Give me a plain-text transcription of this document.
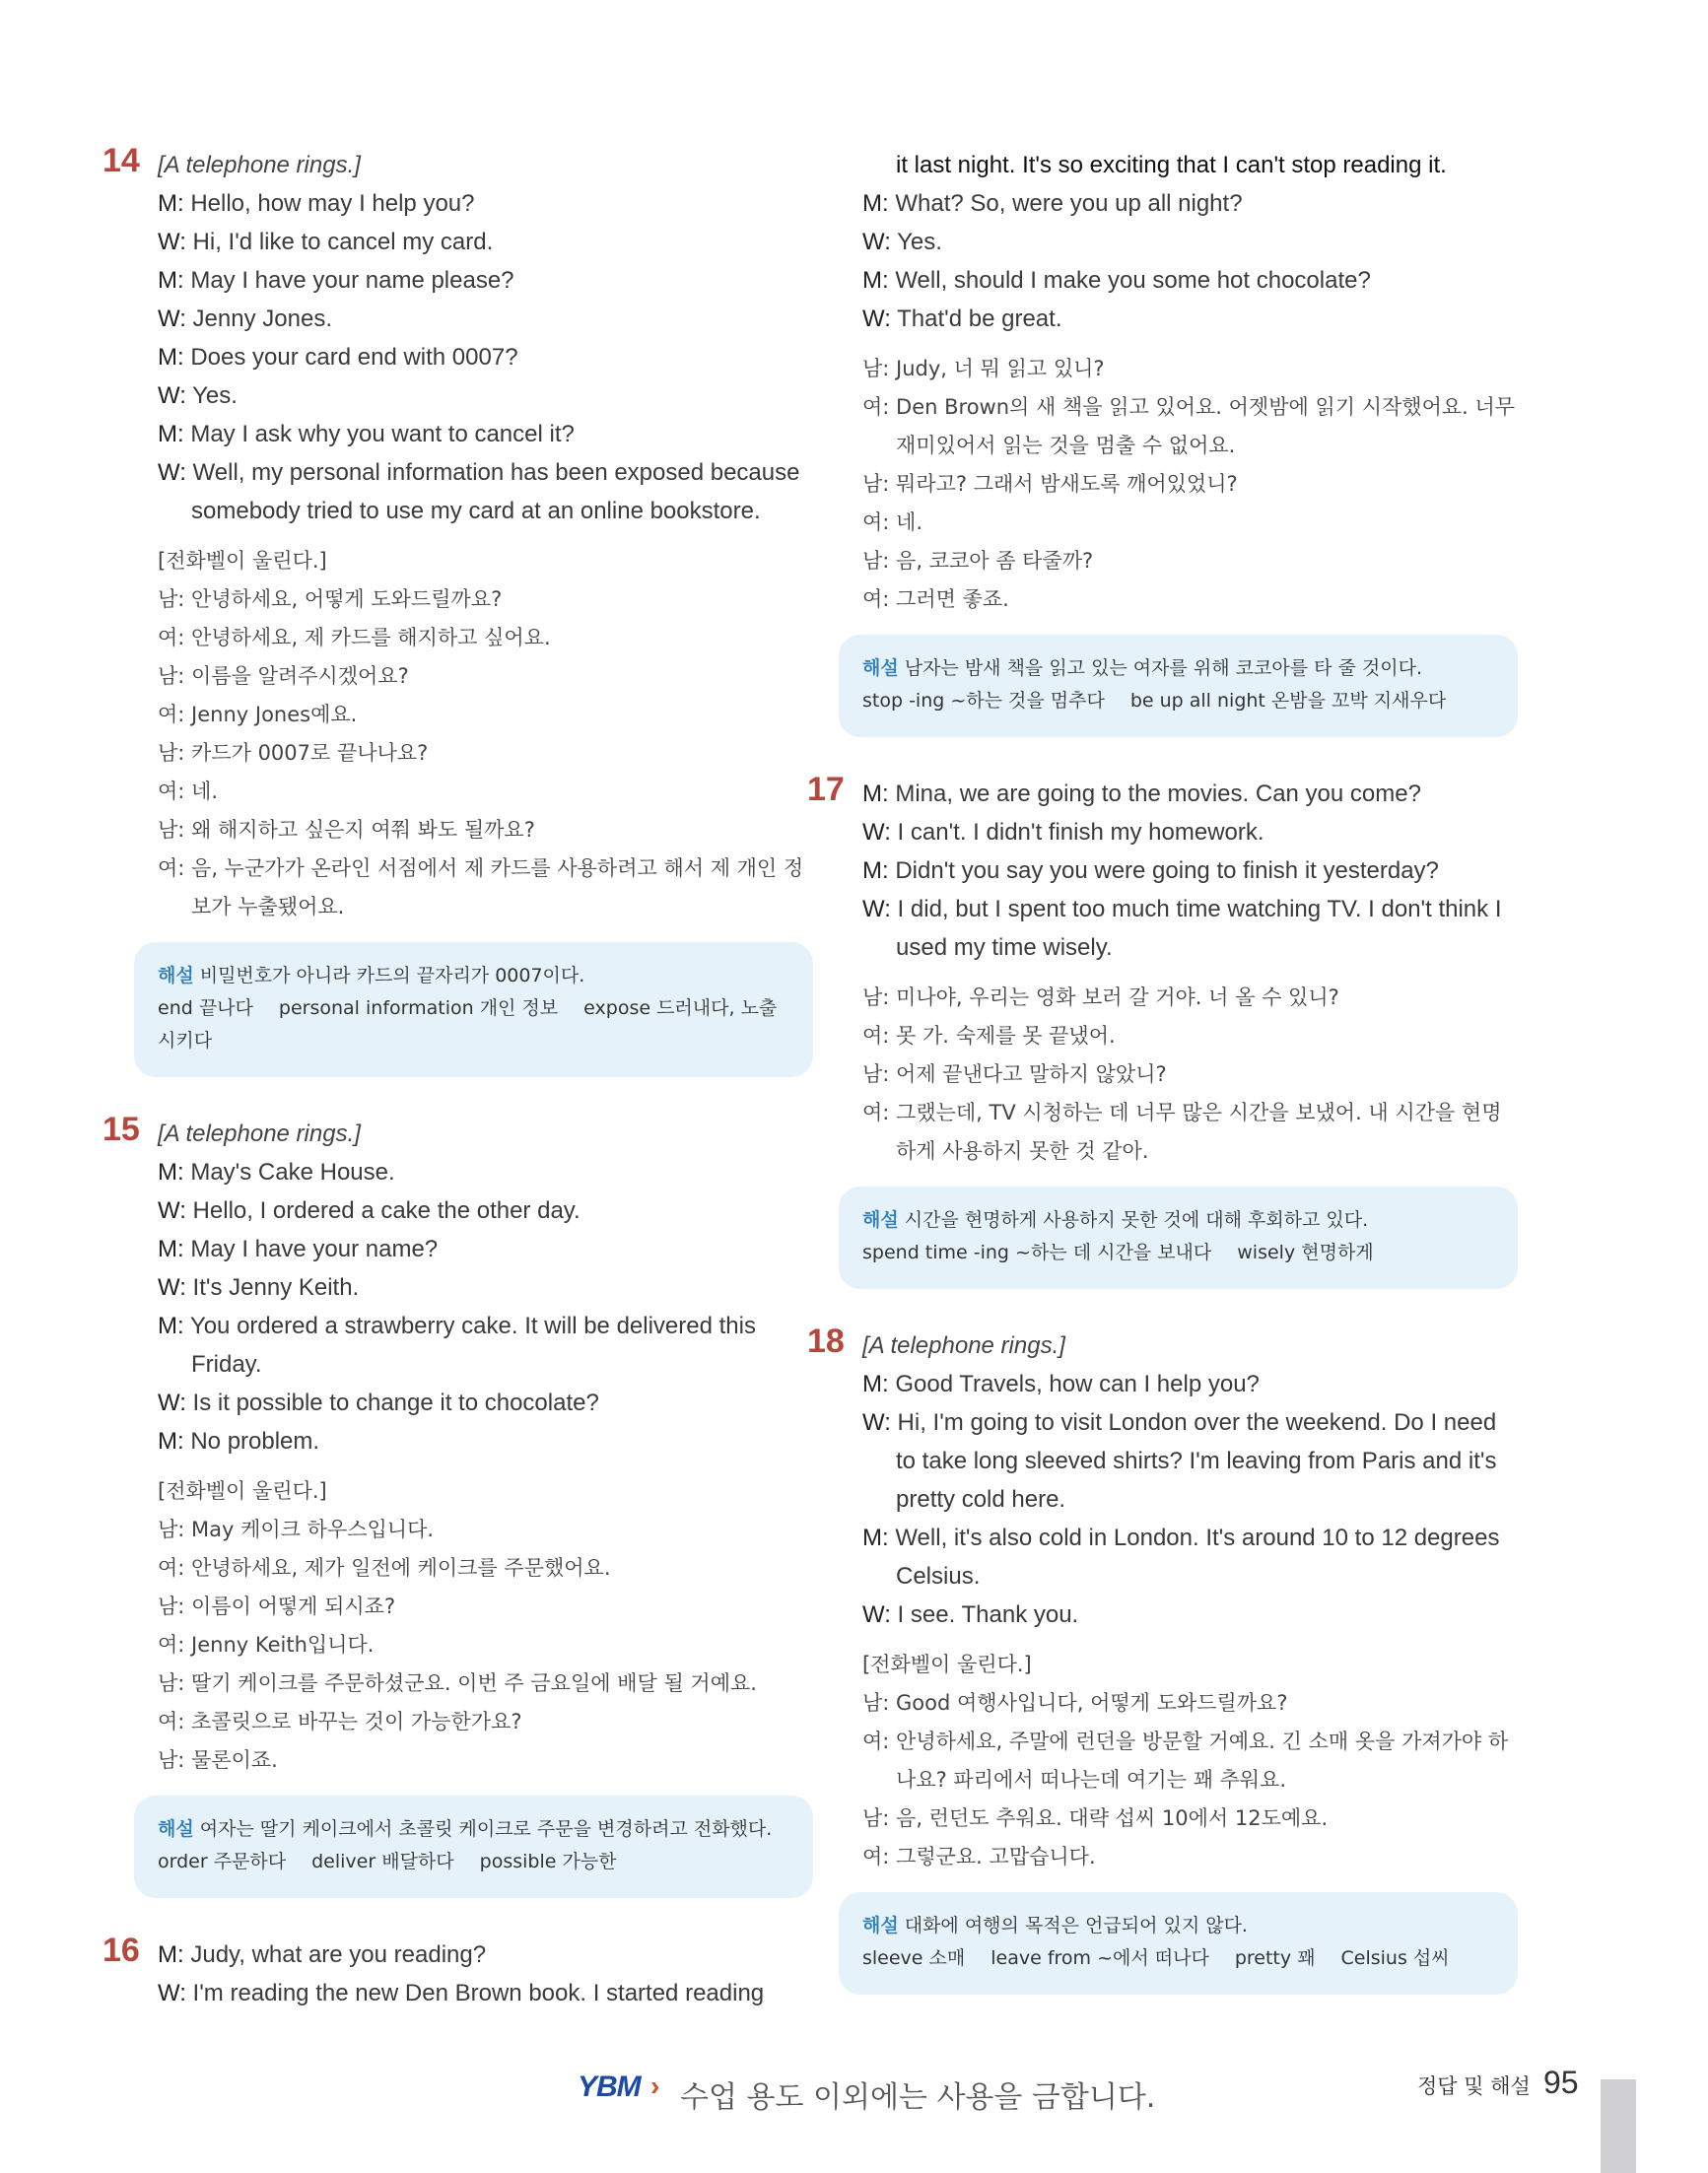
14 [A telephone rings.]
M: Hello, how may I help you?
W: Hi, I'd like to cancel my card.
M: May I have your name please?
W: Jenny Jones.
M: Does your card end with 0007?
W: Yes.
M: May I ask why you want to cancel it?
W: Well, my personal information has been exposed because somebody tried to use my card at an online bookstore.
[전화벨이 울린다.]
남: 안녕하세요, 어떻게 도와드릴까요?
여: 안녕하세요, 제 카드를 해지하고 싶어요.
남: 이름을 알려주시겠어요?
여: Jenny Jones예요.
남: 카드가 0007로 끝나나요?
여: 네.
남: 왜 해지하고 싶은지 여쭤 봐도 될까요?
여: 음, 누군가가 온라인 서점에서 제 카드를 사용하려고 해서 제 개인 정보가 누출됐어요.
해설 비밀번호가 아니라 카드의 끝자리가 0007이다.
end 끝나다 personal information 개인 정보 expose 드러내다, 노출시키다
15 [A telephone rings.]
M: May's Cake House.
W: Hello, I ordered a cake the other day.
M: May I have your name?
W: It's Jenny Keith.
M: You ordered a strawberry cake. It will be delivered this Friday.
W: Is it possible to change it to chocolate?
M: No problem.
[전화벨이 울린다.]
남: May 케이크 하우스입니다.
여: 안녕하세요, 제가 일전에 케이크를 주문했어요.
남: 이름이 어떻게 되시죠?
여: Jenny Keith입니다.
남: 딸기 케이크를 주문하셨군요. 이번 주 금요일에 배달 될 거예요.
여: 초콜릿으로 바꾸는 것이 가능한가요?
남: 물론이죠.
해설 여자는 딸기 케이크에서 초콜릿 케이크로 주문을 변경하려고 전화했다.
order 주문하다 deliver 배달하다 possible 가능한
16 M: Judy, what are you reading?
W: I'm reading the new Den Brown book. I started reading
it last night. It's so exciting that I can't stop reading it.
M: What? So, were you up all night?
W: Yes.
M: Well, should I make you some hot chocolate?
W: That'd be great.
남: Judy, 너 뭐 읽고 있니?
여: Den Brown의 새 책을 읽고 있어요. 어젯밤에 읽기 시작했어요. 너무 재미있어서 읽는 것을 멈출 수 없어요.
남: 뭐라고? 그래서 밤새도록 깨어있었니?
여: 네.
남: 음, 코코아 좀 타줄까?
여: 그러면 좋죠.
해설 남자는 밤새 책을 읽고 있는 여자를 위해 코코아를 타 줄 것이다.
stop -ing ~하는 것을 멈추다 be up all night 온밤을 꼬박 지새우다
17 M: Mina, we are going to the movies. Can you come?
W: I can't. I didn't finish my homework.
M: Didn't you say you were going to finish it yesterday?
W: I did, but I spent too much time watching TV. I don't think I used my time wisely.
남: 미나야, 우리는 영화 보러 갈 거야. 너 올 수 있니?
여: 못 가. 숙제를 못 끝냈어.
남: 어제 끝낸다고 말하지 않았니?
여: 그랬는데, TV 시청하는 데 너무 많은 시간을 보냈어. 내 시간을 현명하게 사용하지 못한 것 같아.
해설 시간을 현명하게 사용하지 못한 것에 대해 후회하고 있다.
spend time -ing ~하는 데 시간을 보내다 wisely 현명하게
18 [A telephone rings.]
M: Good Travels, how can I help you?
W: Hi, I'm going to visit London over the weekend. Do I need to take long sleeved shirts? I'm leaving from Paris and it's pretty cold here.
M: Well, it's also cold in London. It's around 10 to 12 degrees Celsius.
W: I see. Thank you.
[전화벨이 울린다.]
남: Good 여행사입니다, 어떻게 도와드릴까요?
여: 안녕하세요, 주말에 런던을 방문할 거예요. 긴 소매 옷을 가져가야 하나요? 파리에서 떠나는데 여기는 꽤 추워요.
남: 음, 런던도 추워요. 대략 섭씨 10에서 12도예요.
여: 그렇군요. 고맙습니다.
해설 대화에 여행의 목적은 언급되어 있지 않다.
sleeve 소매 leave from ~에서 떠나다 pretty 꽤 Celsius 섭씨
YBM › 수업 용도 이외에는 사용을 금합니다.	정답 및 해설 95
